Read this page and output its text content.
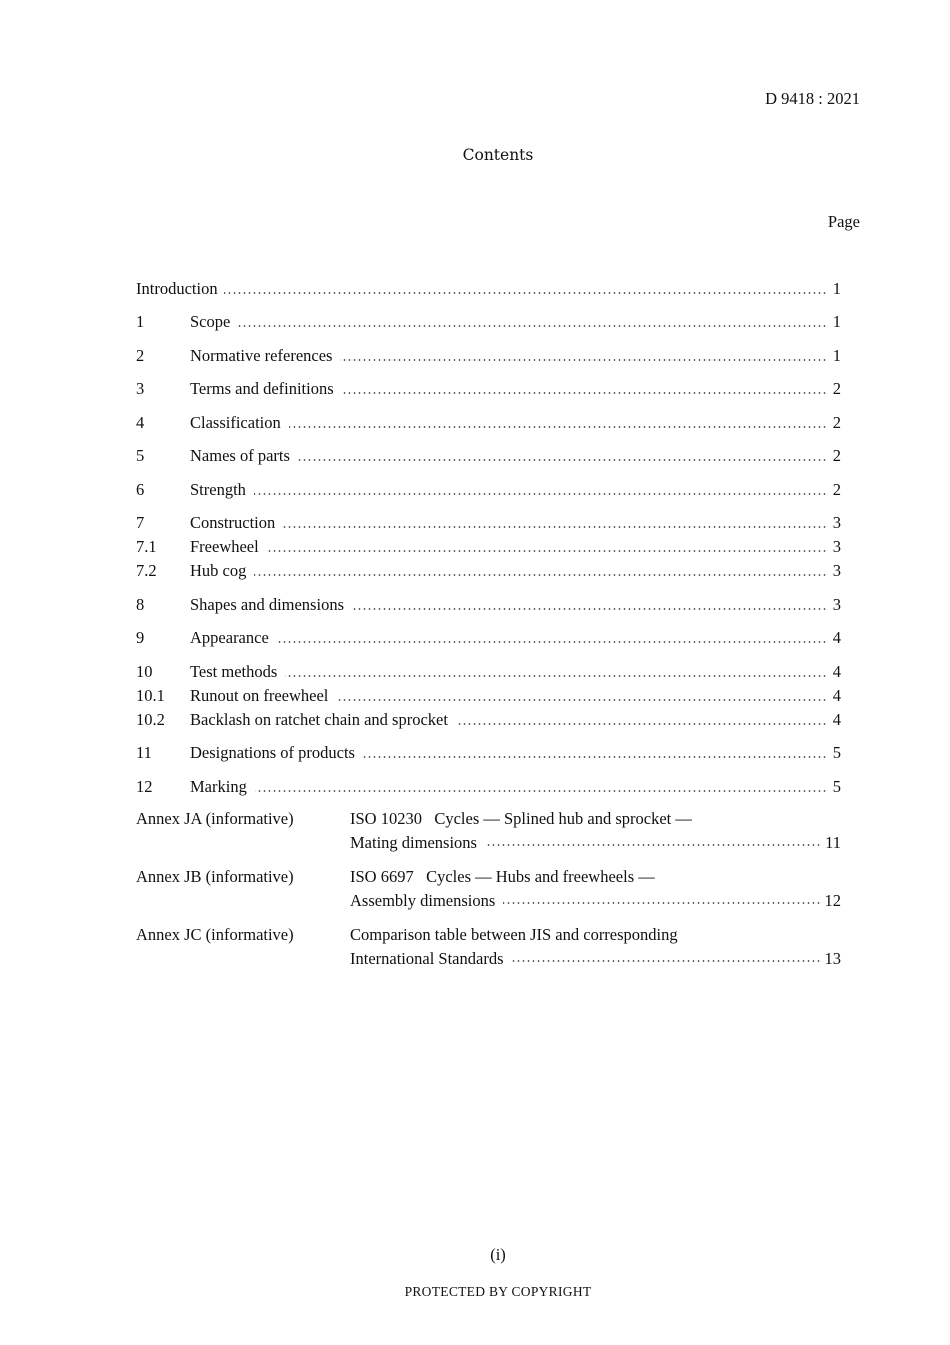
D 9418 : 2021
Contents
Page
Introduction	1
1	Scope	1
2	Normative references	1
3	Terms and definitions	2
4	Classification	2
5	Names of parts	2
6	Strength	2
7	Construction	3
7.1 Freewheel	3
7.2 Hub cog	3
8	Shapes and dimensions	3
9	Appearance	4
10 Test methods	4
10.1 Runout on freewheel	4
10.2 Backlash on ratchet chain and sprocket	4
11 Designations of products	5
12 Marking	5
Annex JA (informative)	ISO 10230   Cycles — Splined hub and sprocket —
Mating dimensions	11
Annex JB (informative)	ISO 6697   Cycles — Hubs and freewheels —
Assembly dimensions	12
Annex JC (informative)	Comparison table between JIS and corresponding
International Standards	13
(i)
PROTECTED BY COPYRIGHT
